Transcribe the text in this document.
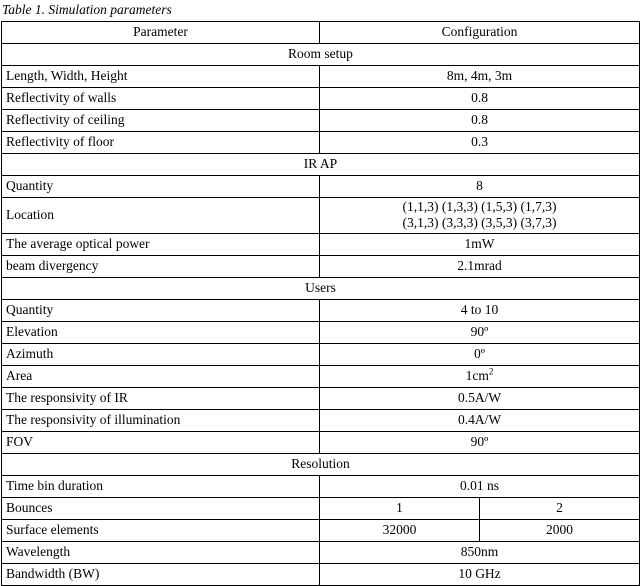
Table 1. Simulation parameters
Parameter	Configuration
Room setup
Length, Width, Height	8m, 4m, 3m
Reflectivity of walls	0.8
Reflectivity of ceiling	0.8
Reflectivity of floor	0.3
IR AP
Quantity	8
Location	
(1,1,3) (1,3,3) (1,5,3) (1,7,3)
(3,1,3) (3,3,3) (3,5,3) (3,7,3)

The average optical power	1mW
beam divergency	2.1mrad
Users
Quantity	4 to 10
Elevation	90º
Azimuth	0º
Area	$1cm^2$
The responsivity of IR	0.5A/W
The responsivity of illumination	0.4A/W
FOV	90º
Resolution
Time bin duration	0.01 ns
Bounces		1	2

Surface elements		32000	2000

Wavelength	850nm
Bandwidth (BW)	10 GHz
